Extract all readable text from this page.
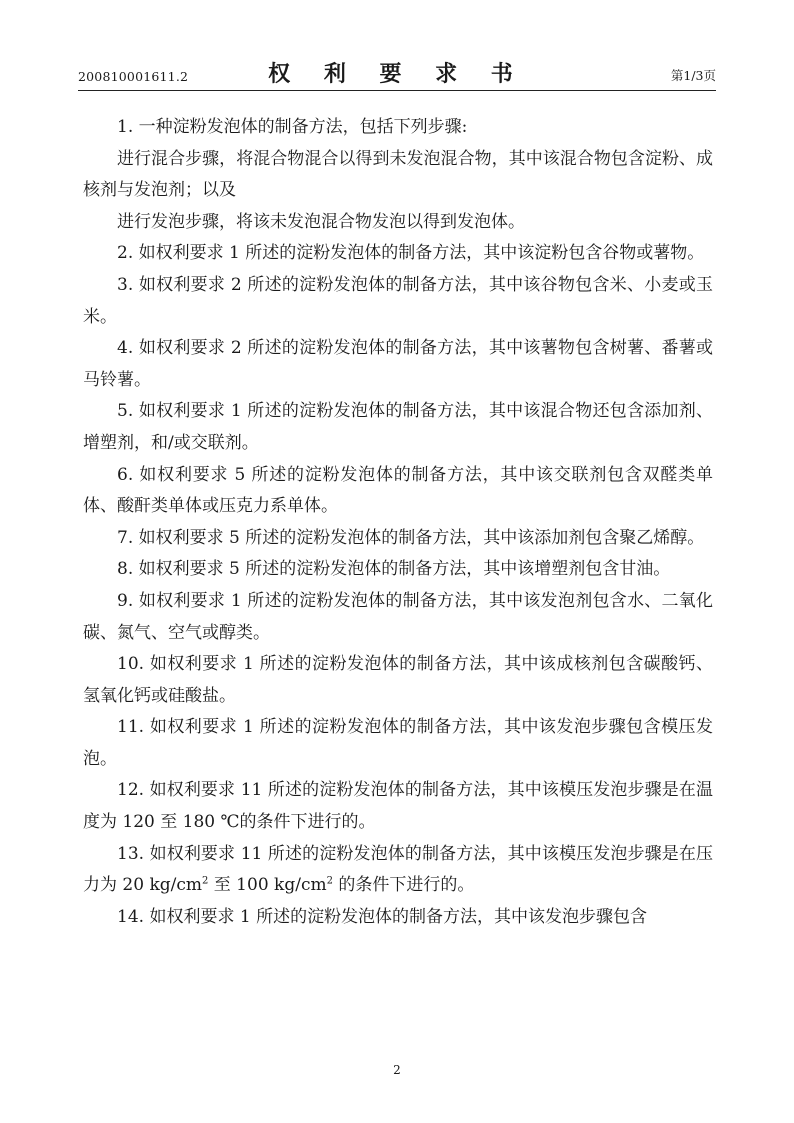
200810001611.2	权 利 要 求 书	第1/3页

1. 一种淀粉发泡体的制备方法，包括下列步骤:

进行混合步骤，将混合物混合以得到未发泡混合物，其中该混合物包含淀粉、成核剂与发泡剂；以及

进行发泡步骤，将该未发泡混合物发泡以得到发泡体。

2. 如权利要求 1 所述的淀粉发泡体的制备方法，其中该淀粉包含谷物或薯物。

3. 如权利要求 2 所述的淀粉发泡体的制备方法，其中该谷物包含米、小麦或玉米。

4. 如权利要求 2 所述的淀粉发泡体的制备方法，其中该薯物包含树薯、番薯或马铃薯。

5. 如权利要求 1 所述的淀粉发泡体的制备方法，其中该混合物还包含添加剂、增塑剂，和/或交联剂。

6. 如权利要求 5 所述的淀粉发泡体的制备方法，其中该交联剂包含双醛类单体、酸酐类单体或压克力系单体。

7. 如权利要求 5 所述的淀粉发泡体的制备方法，其中该添加剂包含聚乙烯醇。

8. 如权利要求 5 所述的淀粉发泡体的制备方法，其中该增塑剂包含甘油。

9. 如权利要求 1 所述的淀粉发泡体的制备方法，其中该发泡剂包含水、二氧化碳、氮气、空气或醇类。

10. 如权利要求 1 所述的淀粉发泡体的制备方法，其中该成核剂包含碳酸钙、氢氧化钙或硅酸盐。

11. 如权利要求 1 所述的淀粉发泡体的制备方法，其中该发泡步骤包含模压发泡。

12. 如权利要求 11 所述的淀粉发泡体的制备方法，其中该模压发泡步骤是在温度为 120 至 180 ℃的条件下进行的。

13. 如权利要求 11 所述的淀粉发泡体的制备方法，其中该模压发泡步骤是在压力为 20 $kg/cm^2$ 至 100 $kg/cm^2$ 的条件下进行的。

14. 如权利要求 1 所述的淀粉发泡体的制备方法，其中该发泡步骤包含

2
